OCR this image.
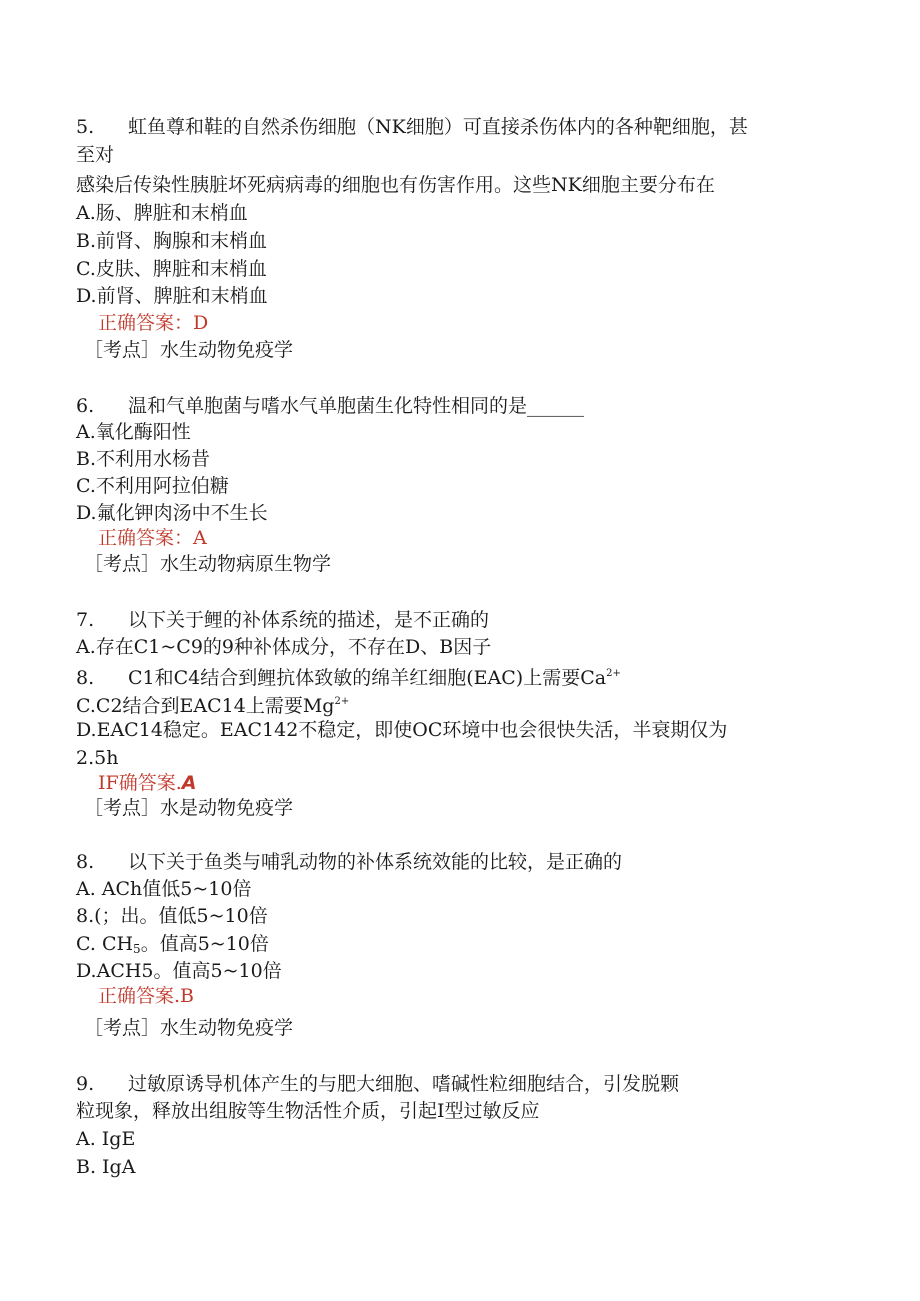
5. 虹鱼尊和鞋的自然杀伤细胞（NK细胞）可直接杀伤体内的各种靶细胞，甚
至对
感染后传染性胰脏坏死病病毒的细胞也有伤害作用。这些NK细胞主要分布在
A.肠、脾脏和末梢血
B.前肾、胸腺和末梢血
C.皮肤、脾脏和末梢血
D.前肾、脾脏和末梢血
正确答案：D
［考点］水生动物免疫学
6. 温和气单胞菌与嗜水气单胞菌生化特性相同的是______
A.氧化酶阳性
B.不利用水杨昔
C.不利用阿拉伯糖
D.氟化钾肉汤中不生长
正确答案：A
［考点］水生动物病原生物学
7. 以下关于鲤的补体系统的描述，是不正确的
A.存在C1~C9的9种补体成分，不存在D、B因子
8. C1和C4结合到鲤抗体致敏的绵羊红细胞(EAC)上需要$Ca^{2+}$
C.C2结合到EAC14上需要$Mg^{2+}$
D.EAC14稳定。EAC142不稳定，即使OC环境中也会很快失活，半衰期仅为
2.5h
IF确答案.A
［考点］水是动物免疫学
8. 以下关于鱼类与哺乳动物的补体系统效能的比较，是正确的
A. ACh值低5~10倍
8.(；出。值低5~10倍
C. $CH_5$。值高5~10倍
D.ACH5。值高5~10倍
正确答案.B
［考点］水生动物免疫学
9. 过敏原诱导机体产生的与肥大细胞、嗜碱性粒细胞结合，引发脱颗
粒现象，释放出组胺等生物活性介质，引起I型过敏反应
A. IgE
B. IgA
